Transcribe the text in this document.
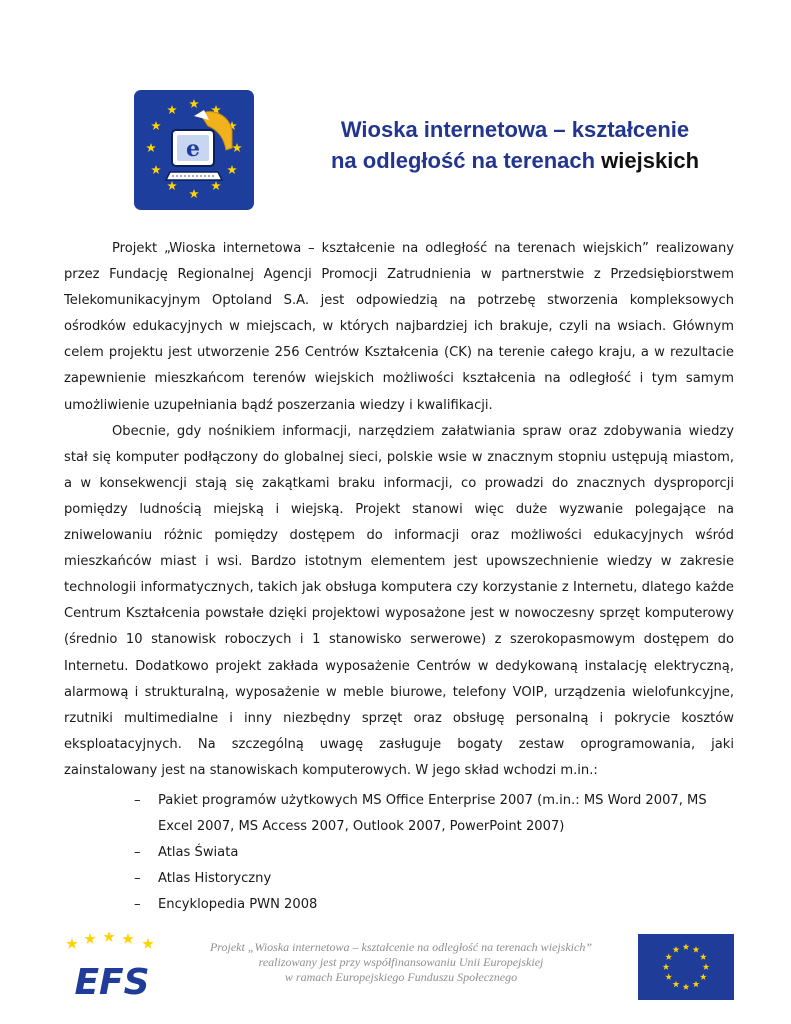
e
Wioska internetowa – kształcenie
na odległość na terenach wiejskich

Projekt „Wioska internetowa – kształcenie na odległość na terenach wiejskich” realizowany przez Fundację Regionalnej Agencji Promocji Zatrudnienia w partnerstwie z Przedsiębiorstwem Telekomunikacyjnym Optoland S.A. jest odpowiedzią na potrzebę stworzenia kompleksowych ośrodków edukacyjnych w miejscach, w których najbardziej ich brakuje, czyli na wsiach. Głównym celem projektu jest utworzenie 256 Centrów Kształcenia (CK) na terenie całego kraju, a w rezultacie zapewnienie mieszkańcom terenów wiejskich możliwości kształcenia na odległość i tym samym umożliwienie uzupełniania bądź poszerzania wiedzy i kwalifikacji.

Obecnie, gdy nośnikiem informacji, narzędziem załatwiania spraw oraz zdobywania wiedzy stał się komputer podłączony do globalnej sieci, polskie wsie w znacznym stopniu ustępują miastom, a w konsekwencji stają się zakątkami braku informacji, co prowadzi do znacznych dysproporcji pomiędzy ludnością miejską i wiejską. Projekt stanowi więc duże wyzwanie polegające na zniwelowaniu różnic pomiędzy dostępem do informacji oraz możliwości edukacyjnych wśród mieszkańców miast i wsi. Bardzo istotnym elementem jest upowszechnienie wiedzy w zakresie technologii informatycznych, takich jak obsługa komputera czy korzystanie z Internetu, dlatego każde Centrum Kształcenia powstałe dzięki projektowi wyposażone jest w nowoczesny sprzęt komputerowy (średnio 10 stanowisk roboczych i 1 stanowisko serwerowe) z szerokopasmowym dostępem do Internetu. Dodatkowo projekt zakłada wyposażenie Centrów w dedykowaną instalację elektryczną, alarmową i strukturalną, wyposażenie w meble biurowe, telefony VOIP, urządzenia wielofunkcyjne, rzutniki multimedialne i inny niezbędny sprzęt oraz obsługę personalną i pokrycie kosztów eksploatacyjnych. Na szczególną uwagę zasługuje bogaty zestaw oprogramowania, jaki zainstalowany jest na stanowiskach komputerowych. W jego skład wchodzi m.in.:

– Pakiet programów użytkowych MS Office Enterprise 2007 (m.in.: MS Word 2007, MS Excel 2007, MS Access 2007, Outlook 2007, PowerPoint 2007)
– Atlas Świata
– Atlas Historyczny
– Encyklopedia PWN 2008
EFS
Projekt „Wioska internetowa – kształcenie na odległość na terenach wiejskich”
realizowany jest przy współfinansowaniu Unii Europejskiej
w ramach Europejskiego Funduszu Społecznego
